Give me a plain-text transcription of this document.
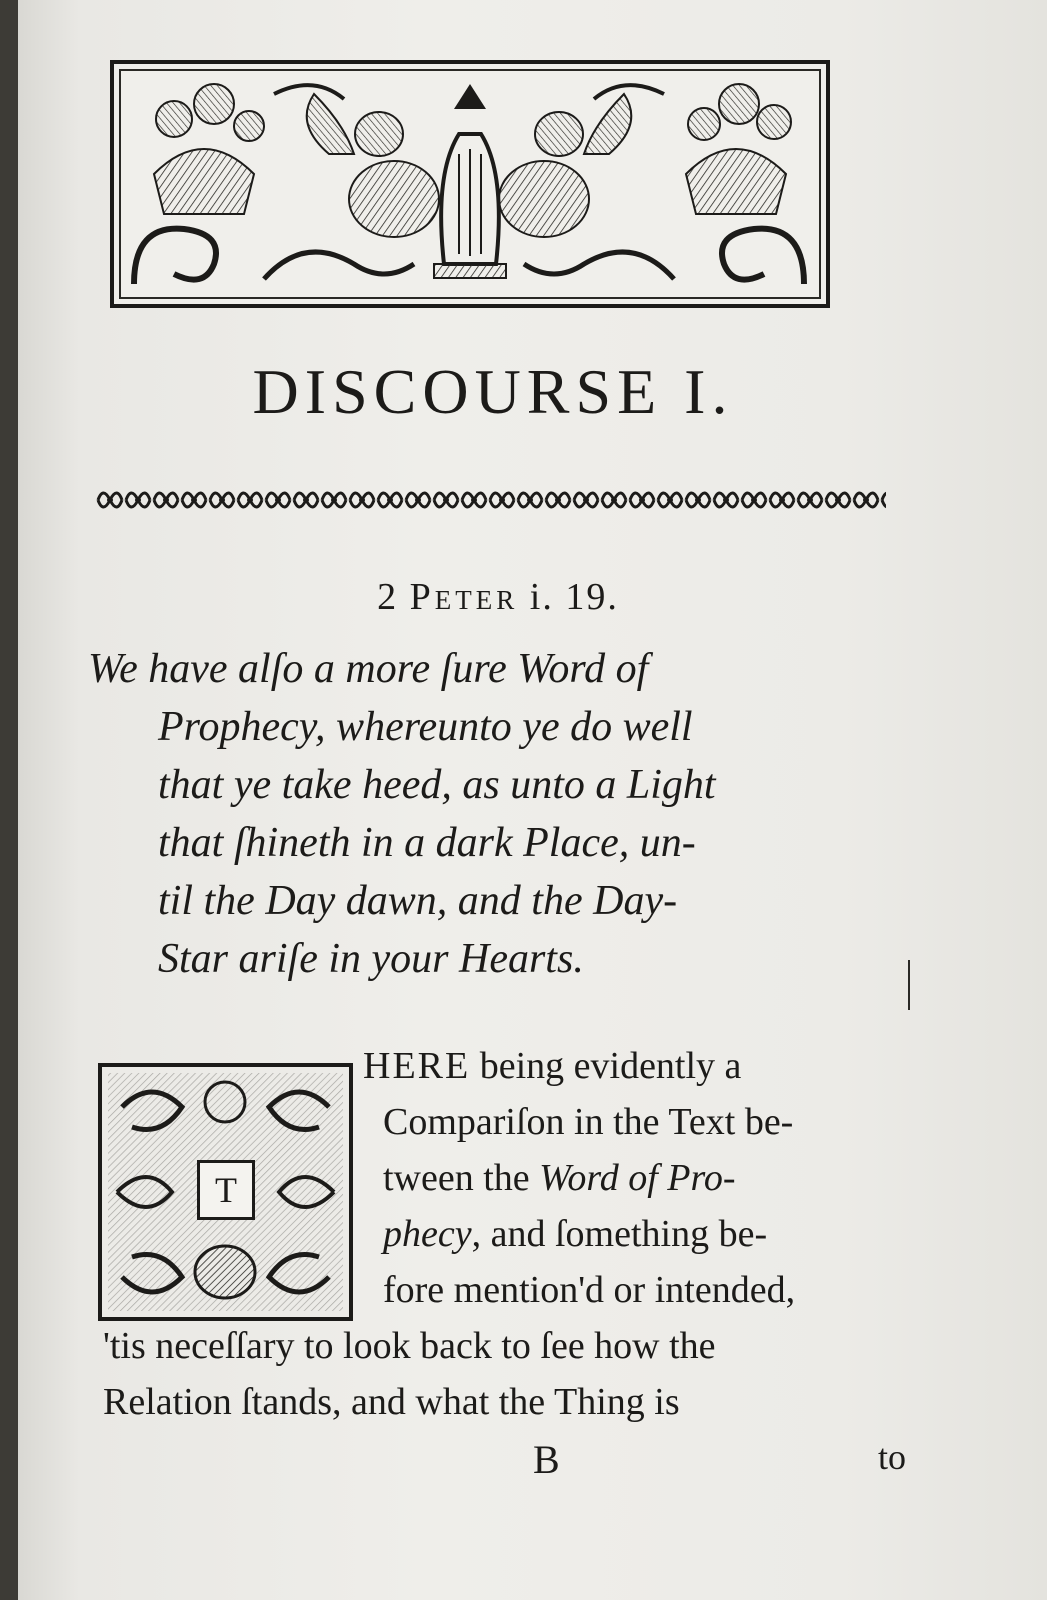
DISCOURSE I.
2 Peter i. 19.
We have alſo a more ſure Word of
Prophecy, whereunto ye do well
that ye take heed, as unto a Light
that ſhineth in a dark Place, un-
til the Day dawn, and the Day-
Star ariſe in your Hearts.
T
HERE being evidently a
Compariſon in the Text be-
tween the Word of Pro-
phecy, and ſomething be-
fore mention'd or intended,
'tis neceſſary to look back to ſee how the
Relation ſtands, and what the Thing is
B	to
